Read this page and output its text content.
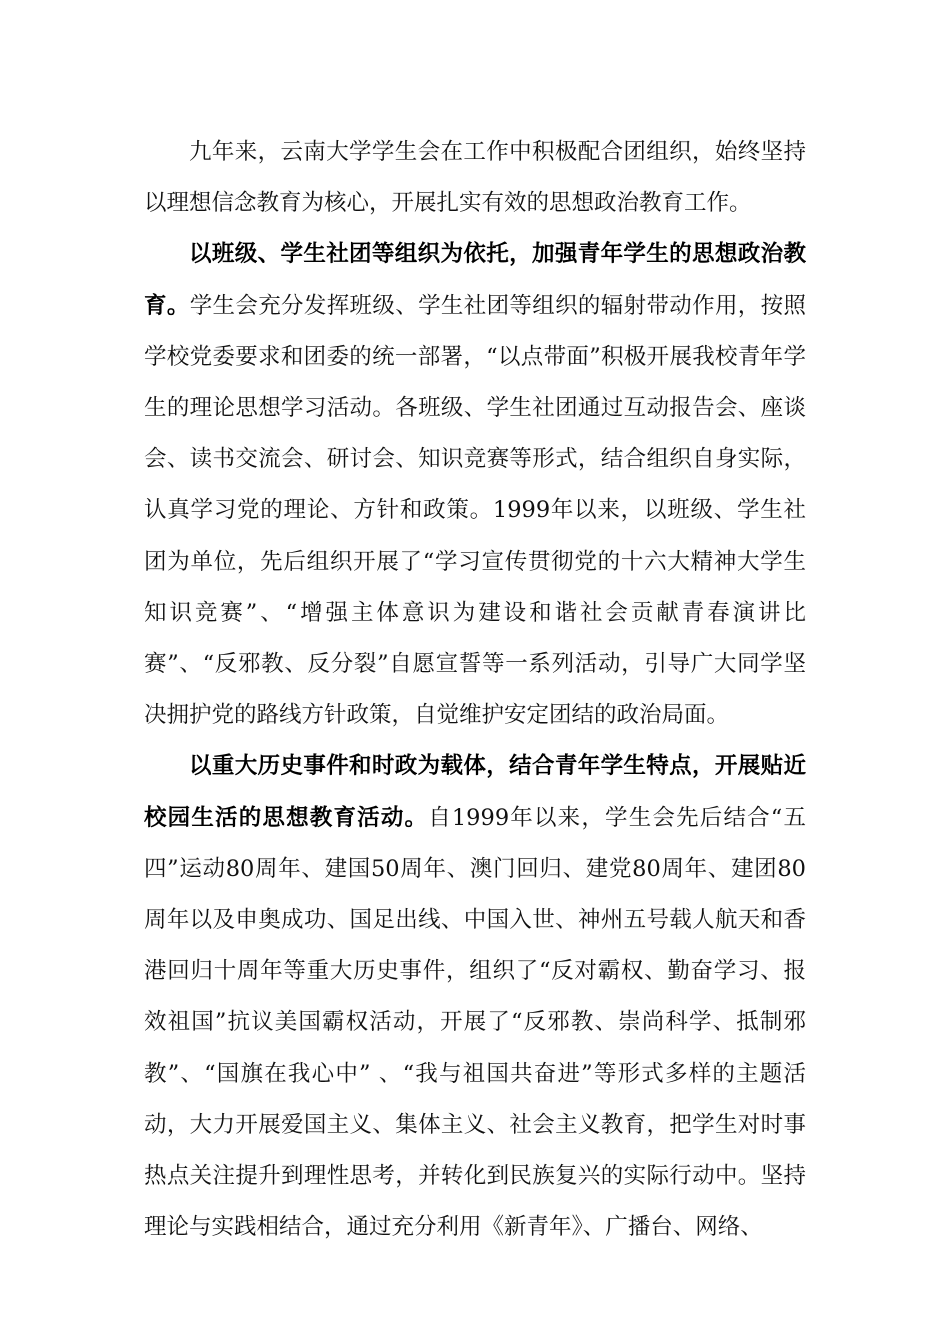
九年来，云南大学学生会在工作中积极配合团组织，始终坚持以理想信念教育为核心，开展扎实有效的思想政治教育工作。

以班级、学生社团等组织为依托，加强青年学生的思想政治教育。学生会充分发挥班级、学生社团等组织的辐射带动作用，按照学校党委要求和团委的统一部署，“以点带面”积极开展我校青年学生的理论思想学习活动。各班级、学生社团通过互动报告会、座谈会、读书交流会、研讨会、知识竞赛等形式，结合组织自身实际，认真学习党的理论、方针和政策。1999年以来，以班级、学生社团为单位，先后组织开展了“学习宣传贯彻党的十六大精神大学生知识竞赛”、“增强主体意识为建设和谐社会贡献青春演讲比赛”、“反邪教、反分裂”自愿宣誓等一系列活动，引导广大同学坚决拥护党的路线方针政策，自觉维护安定团结的政治局面。

以重大历史事件和时政为载体，结合青年学生特点，开展贴近校园生活的思想教育活动。自1999年以来，学生会先后结合“五四”运动80周年、建国50周年、澳门回归、建党80周年、建团80周年以及申奥成功、国足出线、中国入世、神州五号载人航天和香港回归十周年等重大历史事件，组织了“反对霸权、勤奋学习、报效祖国”抗议美国霸权活动，开展了“反邪教、崇尚科学、抵制邪教”、“国旗在我心中” 、“我与祖国共奋进”等形式多样的主题活动，大力开展爱国主义、集体主义、社会主义教育，把学生对时事热点关注提升到理性思考，并转化到民族复兴的实际行动中。坚持理论与实践相结合，通过充分利用《新青年》、广播台、网络、
